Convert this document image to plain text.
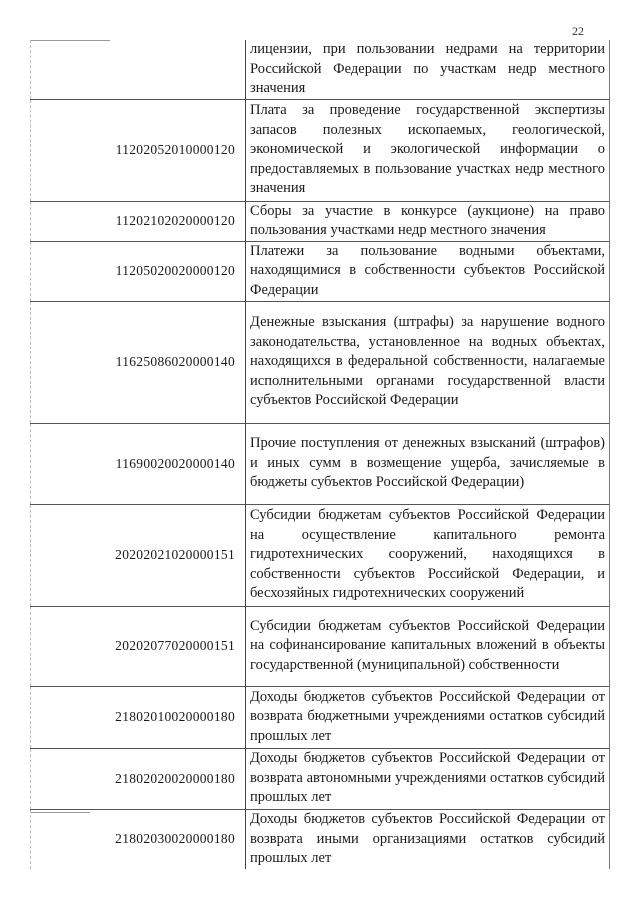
22
	лицензии, при пользовании недрами на территории Российской Федерации по участкам недр местного значения
11202052010000120	Плата за проведение государственной экспертизы запасов полезных ископаемых, геологической, экономической и экологической информации о предоставляемых в пользование участках недр местного значения
11202102020000120	Сборы за участие в конкурсе (аукционе) на право пользования участками недр местного значения
11205020020000120	Платежи за пользование водными объектами, находящимися в собственности субъектов Российской Федерации
11625086020000140	Денежные взыскания (штрафы) за нарушение водного законодательства, установленное на водных объектах, находящихся в федеральной собственности, налагаемые исполнительными органами государственной власти субъектов Российской Федерации
11690020020000140	Прочие поступления от денежных взысканий (штрафов) и иных сумм в возмещение ущерба, зачисляемые в бюджеты субъектов Российской Федерации)
20202021020000151	Субсидии бюджетам субъектов Российской Федерации на осуществление капитального ремонта гидротехнических сооружений, находящихся в собственности субъектов Российской Федерации, и бесхозяйных гидротехнических сооружений
20202077020000151	Субсидии бюджетам субъектов Российской Федерации на софинансирование капитальных вложений в объекты государственной (муниципальной) собственности
21802010020000180	Доходы бюджетов субъектов Российской Федерации от возврата бюджетными учреждениями остатков субсидий прошлых лет
21802020020000180	Доходы бюджетов субъектов Российской Федерации от возврата автономными учреждениями остатков субсидий прошлых лет
21802030020000180	Доходы бюджетов субъектов Российской Федерации от возврата иными организациями остатков субсидий прошлых лет
